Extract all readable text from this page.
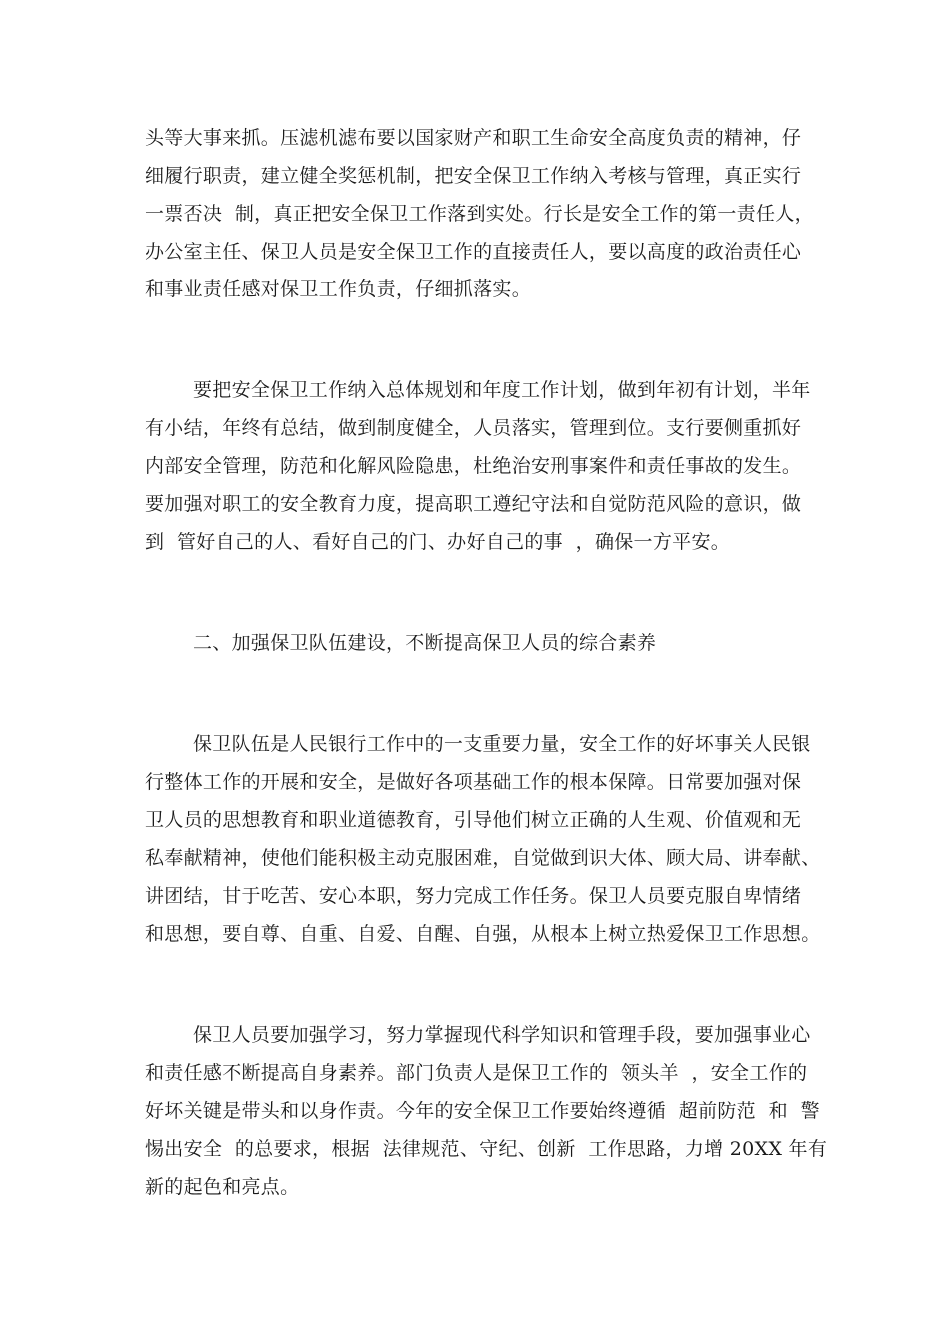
头等大事来抓。压滤机滤布要以国家财产和职工生命安全高度负责的精神，仔
细履行职责，建立健全奖惩机制，把安全保卫工作纳入考核与管理，真正实行
一票否决  制，真正把安全保卫工作落到实处。行长是安全工作的第一责任人，
办公室主任、保卫人员是安全保卫工作的直接责任人，要以高度的政治责任心
和事业责任感对保卫工作负责，仔细抓落实。
要把安全保卫工作纳入总体规划和年度工作计划，做到年初有计划，半年
有小结，年终有总结，做到制度健全，人员落实，管理到位。支行要侧重抓好
内部安全管理，防范和化解风险隐患，杜绝治安刑事案件和责任事故的发生。
要加强对职工的安全教育力度，提高职工遵纪守法和自觉防范风险的意识，做
到  管好自己的人、看好自己的门、办好自己的事  ，确保一方平安。
二、加强保卫队伍建设，不断提高保卫人员的综合素养
保卫队伍是人民银行工作中的一支重要力量，安全工作的好坏事关人民银
行整体工作的开展和安全，是做好各项基础工作的根本保障。日常要加强对保
卫人员的思想教育和职业道德教育，引导他们树立正确的人生观、价值观和无
私奉献精神，使他们能积极主动克服困难，自觉做到识大体、顾大局、讲奉献、
讲团结，甘于吃苦、安心本职，努力完成工作任务。保卫人员要克服自卑情绪
和思想，要自尊、自重、自爱、自醒、自强，从根本上树立热爱保卫工作思想。
保卫人员要加强学习，努力掌握现代科学知识和管理手段，要加强事业心
和责任感不断提高自身素养。部门负责人是保卫工作的  领头羊  ，安全工作的
好坏关键是带头和以身作责。今年的安全保卫工作要始终遵循  超前防范  和  警
惕出安全  的总要求，根据  法律规范、守纪、创新  工作思路，力增 20XX 年有
新的起色和亮点。
